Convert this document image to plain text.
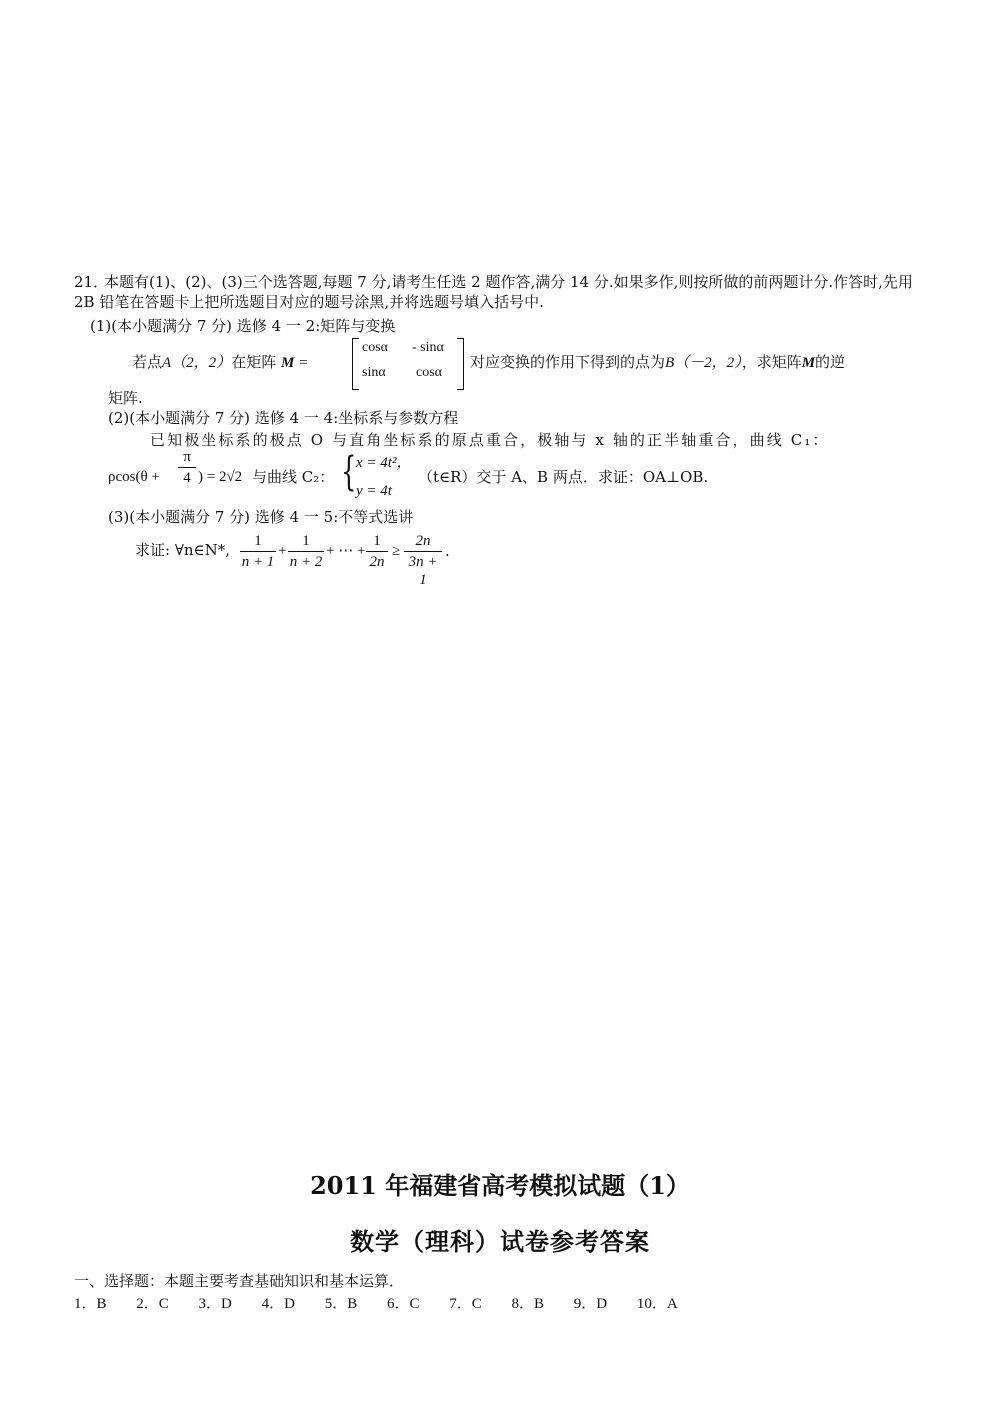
21．本题有(1)、(2)、(3)三个选答题,每题 7 分,请考生任选 2 题作答,满分 14 分.如果多作,则按所做的前两题计分.作答时,先用 2B 铅笔在答题卡上把所选题目对应的题号涂黑,并将选题号填入括号中.
(1)(本小题满分 7 分) 选修 4 一 2:矩阵与变换
若点A（2，2）在矩阵 M =
cosα - sinα
sinα cosα
对应变换的作用下得到的点为B（－2，2），求矩阵M的逆
矩阵.
(2)(本小题满分 7 分) 选修 4 一 4:坐标系与参数方程
已知极坐标系的极点 O 与直角坐标系的原点重合，极轴与 x 轴的正半轴重合，曲线 C₁：
ρcos(θ +
π
4 ) = 2√2 与曲线 C₂： { x = 4t²，
y = 4t
（t∈R）交于 A、B 两点．求证：OA⊥OB.
(3)(本小题满分 7 分) 选修 4 一 5:不等式选讲
求证: ∀n∈N*,	1
n + 1
+
1
n + 2
+ ⋯ +
1
2n
≥
2n
3n + 1
.
2011 年福建省高考模拟试题（1）
数学（理科）试卷参考答案
一、选择题：本题主要考查基础知识和基本运算．
1．B 2．C 3．D 4．D 5．B 6．C 7．C 8．B 9．D 10．A
